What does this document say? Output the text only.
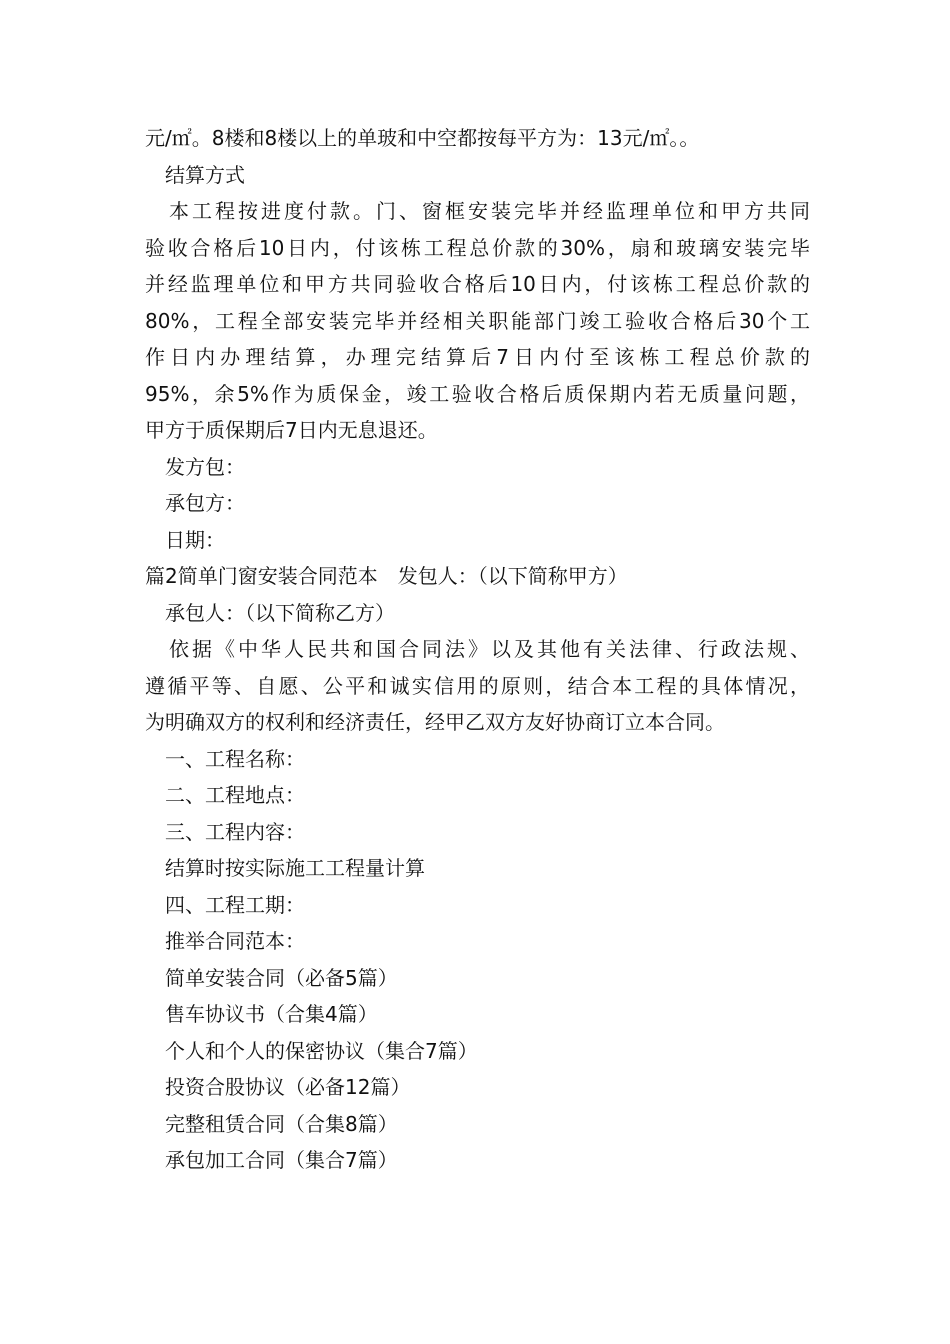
元/㎡。8楼和8楼以上的单玻和中空都按每平方为：13元/㎡。。
结算方式
本工程按进度付款。门、窗框安装完毕并经监理单位和甲方共同
验收合格后10日内，付该栋工程总价款的30%，扇和玻璃安装完毕
并经监理单位和甲方共同验收合格后10日内，付该栋工程总价款的
80%，工程全部安装完毕并经相关职能部门竣工验收合格后30个工
作日内办理结算，办理完结算后7日内付至该栋工程总价款的
95%，余5%作为质保金，竣工验收合格后质保期内若无质量问题，
甲方于质保期后7日内无息退还。
发方包：
承包方：
日期：
篇2简单门窗安装合同范本　发包人：（以下简称甲方）
承包人：（以下简称乙方）
依据《中华人民共和国合同法》以及其他有关法律、行政法规、
遵循平等、自愿、公平和诚实信用的原则，结合本工程的具体情况，
为明确双方的权利和经济责任，经甲乙双方友好协商订立本合同。
一、工程名称：
二、工程地点：
三、工程内容：
结算时按实际施工工程量计算
四、工程工期：
推举合同范本：
简单安装合同（必备5篇）
售车协议书（合集4篇）
个人和个人的保密协议（集合7篇）
投资合股协议（必备12篇）
完整租赁合同（合集8篇）
承包加工合同（集合7篇）
